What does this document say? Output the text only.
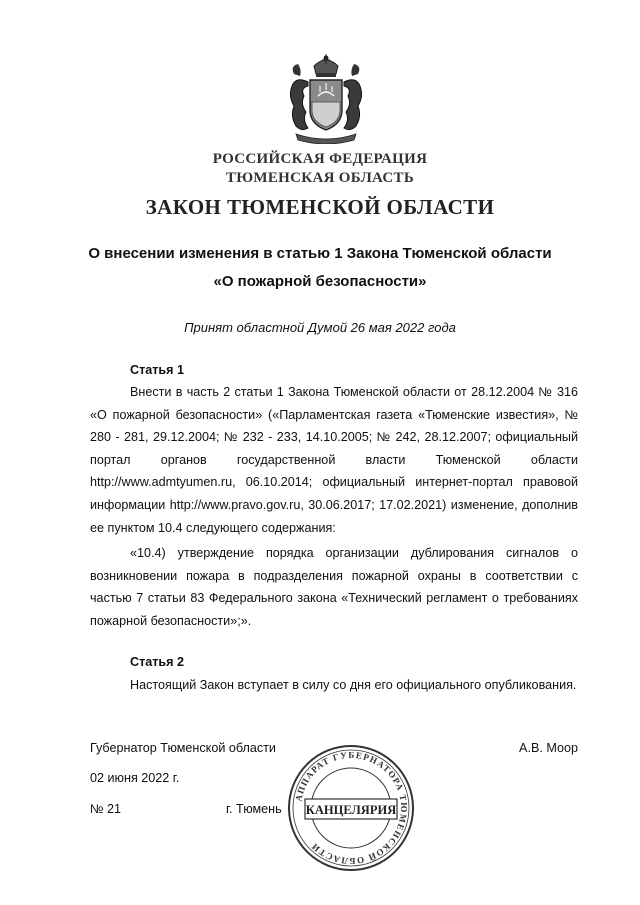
РОССИЙСКАЯ ФЕДЕРАЦИЯ
ТЮМЕНСКАЯ ОБЛАСТЬ
ЗАКОН ТЮМЕНСКОЙ ОБЛАСТИ
О внесении изменения в статью 1 Закона Тюменской области
«О пожарной безопасности»
Принят областной Думой 26 мая 2022 года
Статья 1
Внести в часть 2 статьи 1 Закона Тюменской области от 28.12.2004 № 316 «О пожарной безопасности» («Парламентская газета «Тюменские известия», № 280 - 281, 29.12.2004; № 232 - 233, 14.10.2005; № 242, 28.12.2007; официальный портал органов государственной власти Тюменской области http://www.admtyumen.ru, 06.10.2014; официальный интернет-портал правовой информации http://www.pravo.gov.ru, 30.06.2017; 17.02.2021) изменение, дополнив ее пунктом 10.4 следующего содержания:
«10.4) утверждение порядка организации дублирования сигналов о возникновении пожара в подразделения пожарной охраны в соответствии с частью 7 статьи 83 Федерального закона «Технический регламент о требованиях пожарной безопасности»;».
Статья 2
Настоящий Закон вступает в силу со дня его официального опубликования.
Губернатор Тюменской области	А.В. Моор
02 июня 2022 г.
№ 21	г. Тюмень
АППАРАТ ГУБЕРНАТОРА ТЮМЕНСКОЙ ОБЛАСТИ
КАНЦЕЛЯРИЯ
